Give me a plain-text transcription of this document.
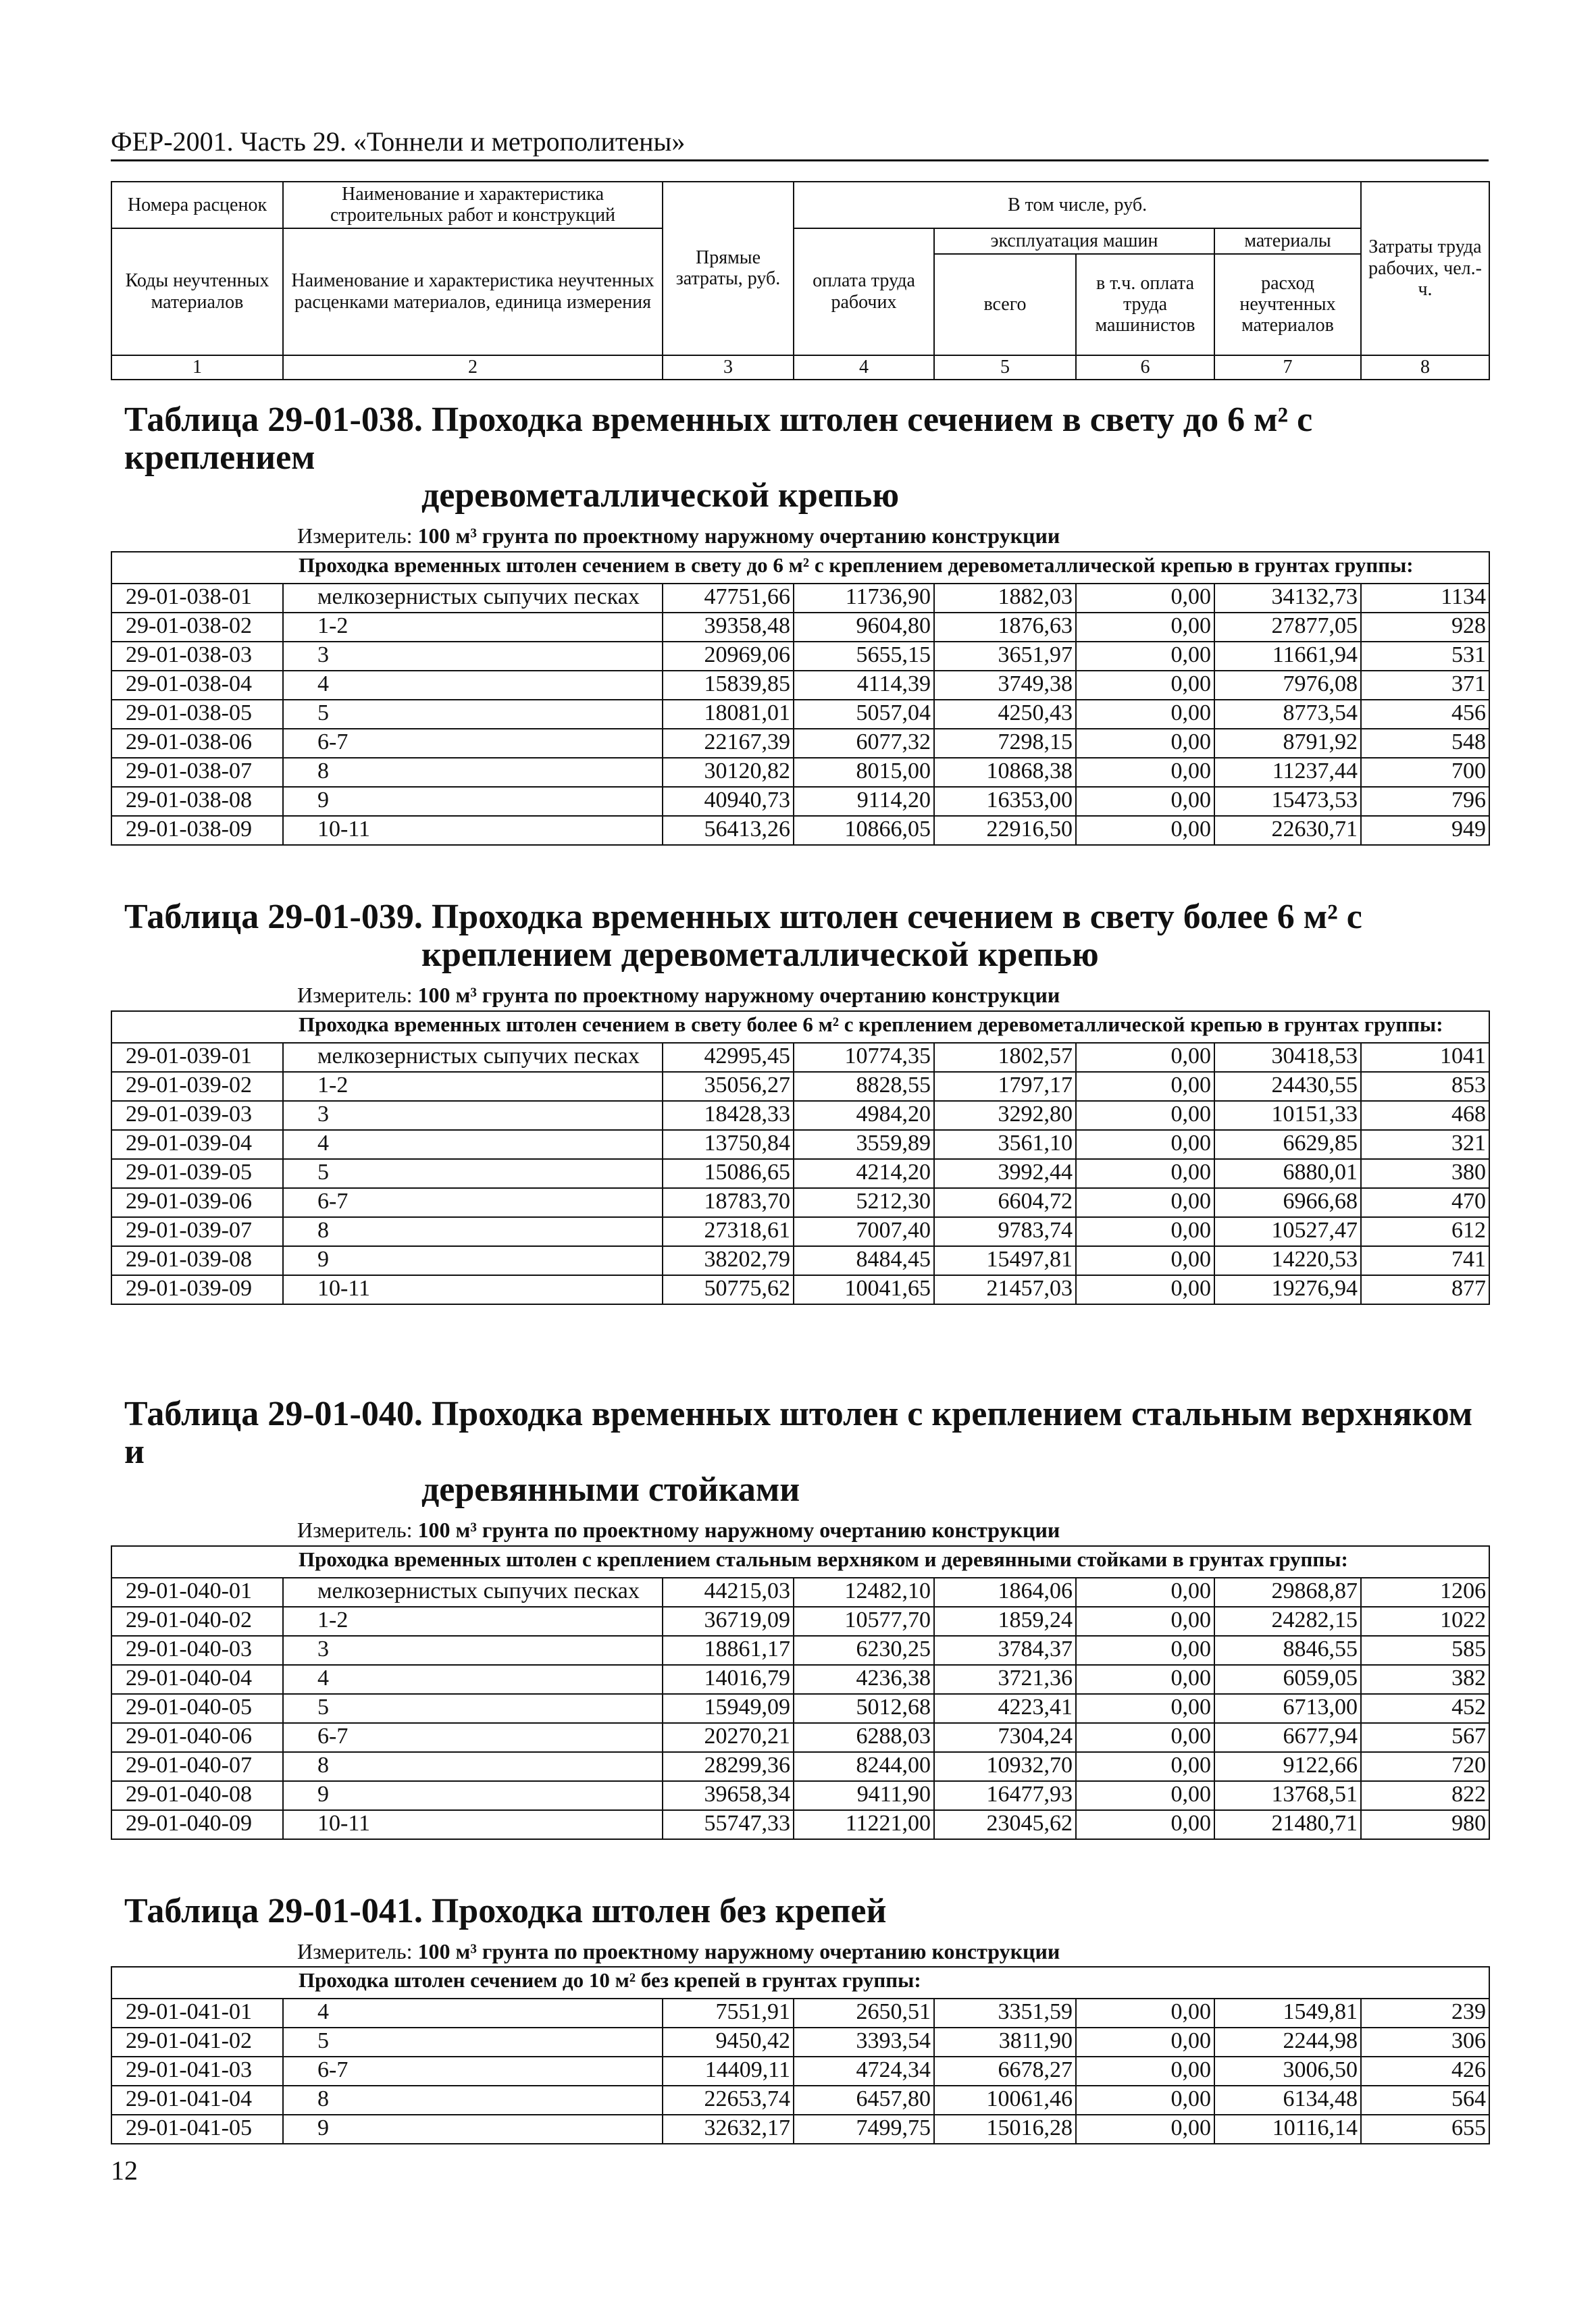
ФЕР-2001. Часть 29. «Тоннели и метрополитены»
Номера расценок	Наименование и характеристика строительных работ и конструкций	Прямые затраты, руб.	В том числе, руб.				Затраты труда рабочих, чел.-ч.
Коды неучтенных материалов	Наименование и характеристика неучтенных расценками материалов, единица измерения		оплата труда рабочих	эксплуатация машин		материалы	
				всего	в т.ч. оплата труда машинистов	расход неучтенных материалов	
1	2	3	4	5	6	7	8
Таблица 29-01-038. Проходка временных штолен сечением в свету до 6 м² с креплением
деревометаллической крепью
Измеритель: 100 м³ грунта по проектному наружному очертанию конструкции
Проходка временных штолен сечением в свету до 6 м² с креплением деревометаллической крепью в грунтах группы:							
29-01-038-01	мелкозернистых сыпучих песках	47751,66	11736,90	1882,03	0,00	34132,73	1134
29-01-038-02	1-2	39358,48	9604,80	1876,63	0,00	27877,05	928
29-01-038-03	3	20969,06	5655,15	3651,97	0,00	11661,94	531
29-01-038-04	4	15839,85	4114,39	3749,38	0,00	7976,08	371
29-01-038-05	5	18081,01	5057,04	4250,43	0,00	8773,54	456
29-01-038-06	6-7	22167,39	6077,32	7298,15	0,00	8791,92	548
29-01-038-07	8	30120,82	8015,00	10868,38	0,00	11237,44	700
29-01-038-08	9	40940,73	9114,20	16353,00	0,00	15473,53	796
29-01-038-09	10-11	56413,26	10866,05	22916,50	0,00	22630,71	949
Таблица 29-01-039. Проходка временных штолен сечением в свету более 6 м² с
креплением деревометаллической крепью
Измеритель: 100 м³ грунта по проектному наружному очертанию конструкции
Проходка временных штолен сечением в свету более 6 м² с креплением деревометаллической крепью в грунтах группы:							
29-01-039-01	мелкозернистых сыпучих песках	42995,45	10774,35	1802,57	0,00	30418,53	1041
29-01-039-02	1-2	35056,27	8828,55	1797,17	0,00	24430,55	853
29-01-039-03	3	18428,33	4984,20	3292,80	0,00	10151,33	468
29-01-039-04	4	13750,84	3559,89	3561,10	0,00	6629,85	321
29-01-039-05	5	15086,65	4214,20	3992,44	0,00	6880,01	380
29-01-039-06	6-7	18783,70	5212,30	6604,72	0,00	6966,68	470
29-01-039-07	8	27318,61	7007,40	9783,74	0,00	10527,47	612
29-01-039-08	9	38202,79	8484,45	15497,81	0,00	14220,53	741
29-01-039-09	10-11	50775,62	10041,65	21457,03	0,00	19276,94	877
Таблица 29-01-040. Проходка временных штолен с креплением стальным верхняком и
деревянными стойками
Измеритель: 100 м³ грунта по проектному наружному очертанию конструкции
Проходка временных штолен с креплением стальным верхняком и деревянными стойками в грунтах группы:							
29-01-040-01	мелкозернистых сыпучих песках	44215,03	12482,10	1864,06	0,00	29868,87	1206
29-01-040-02	1-2	36719,09	10577,70	1859,24	0,00	24282,15	1022
29-01-040-03	3	18861,17	6230,25	3784,37	0,00	8846,55	585
29-01-040-04	4	14016,79	4236,38	3721,36	0,00	6059,05	382
29-01-040-05	5	15949,09	5012,68	4223,41	0,00	6713,00	452
29-01-040-06	6-7	20270,21	6288,03	7304,24	0,00	6677,94	567
29-01-040-07	8	28299,36	8244,00	10932,70	0,00	9122,66	720
29-01-040-08	9	39658,34	9411,90	16477,93	0,00	13768,51	822
29-01-040-09	10-11	55747,33	11221,00	23045,62	0,00	21480,71	980
Таблица 29-01-041. Проходка штолен без крепей
Измеритель: 100 м³ грунта по проектному наружному очертанию конструкции
Проходка штолен сечением до 10 м² без крепей в грунтах группы:							
29-01-041-01	4	7551,91	2650,51	3351,59	0,00	1549,81	239
29-01-041-02	5	9450,42	3393,54	3811,90	0,00	2244,98	306
29-01-041-03	6-7	14409,11	4724,34	6678,27	0,00	3006,50	426
29-01-041-04	8	22653,74	6457,80	10061,46	0,00	6134,48	564
29-01-041-05	9	32632,17	7499,75	15016,28	0,00	10116,14	655
12
